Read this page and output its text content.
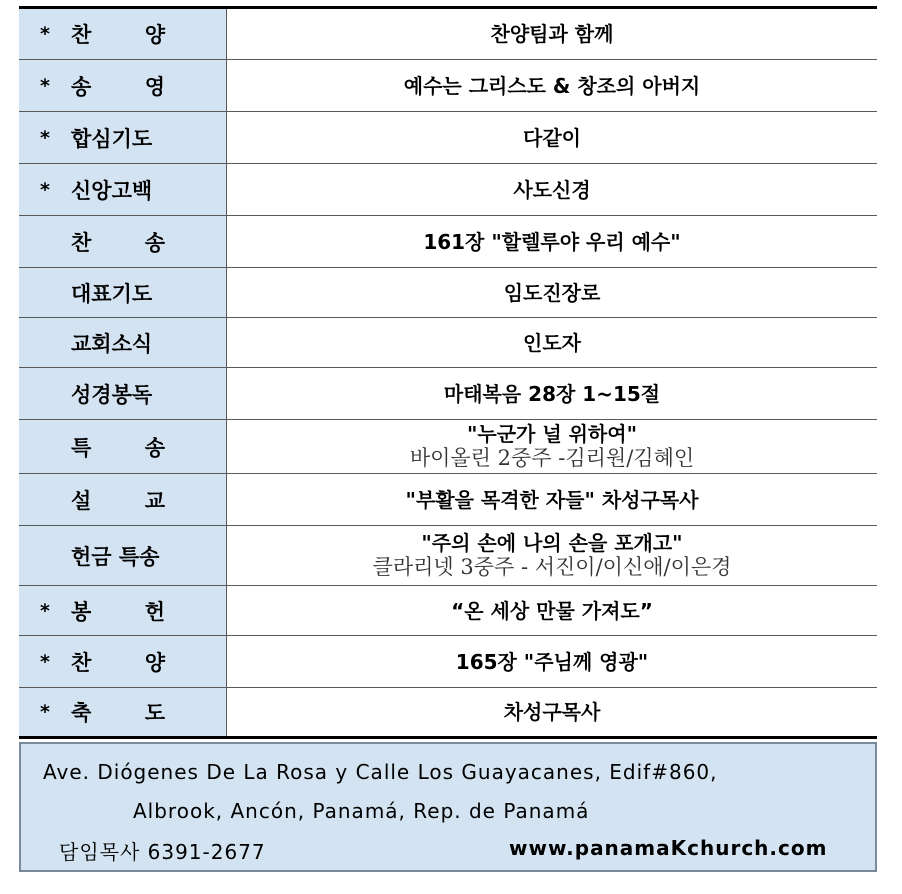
* 찬 양	찬양팀과 함께

* 송 영	예수는 그리스도 & 창조의 아버지

* 합심기도	다같이

* 신앙고백	사도신경

찬 송	161장 "할렐루야 우리 예수"

대표기도	임도진장로

교회소식	인도자

성경봉독	마태복음 28장 1~15절

특 송	"누군가 널 위하여"
바이올린 2중주 -김리원/김혜인

설 교	"부활을 목격한 자들" 차성구목사

헌금 특송	"주의 손에 나의 손을 포개고"
클라리넷 3중주 - 서진이/이신애/이은경

* 봉 헌	“온 세상 만물 가져도”

* 찬 양	165장 "주님께 영광"

* 축 도	차성구목사
Ave. Diógenes De La Rosa y Calle Los Guayacanes, Edif#860,
Albrook, Ancón, Panamá, Rep. de Panamá
담임목사 6391-2677	www.panamaKchurch.com
